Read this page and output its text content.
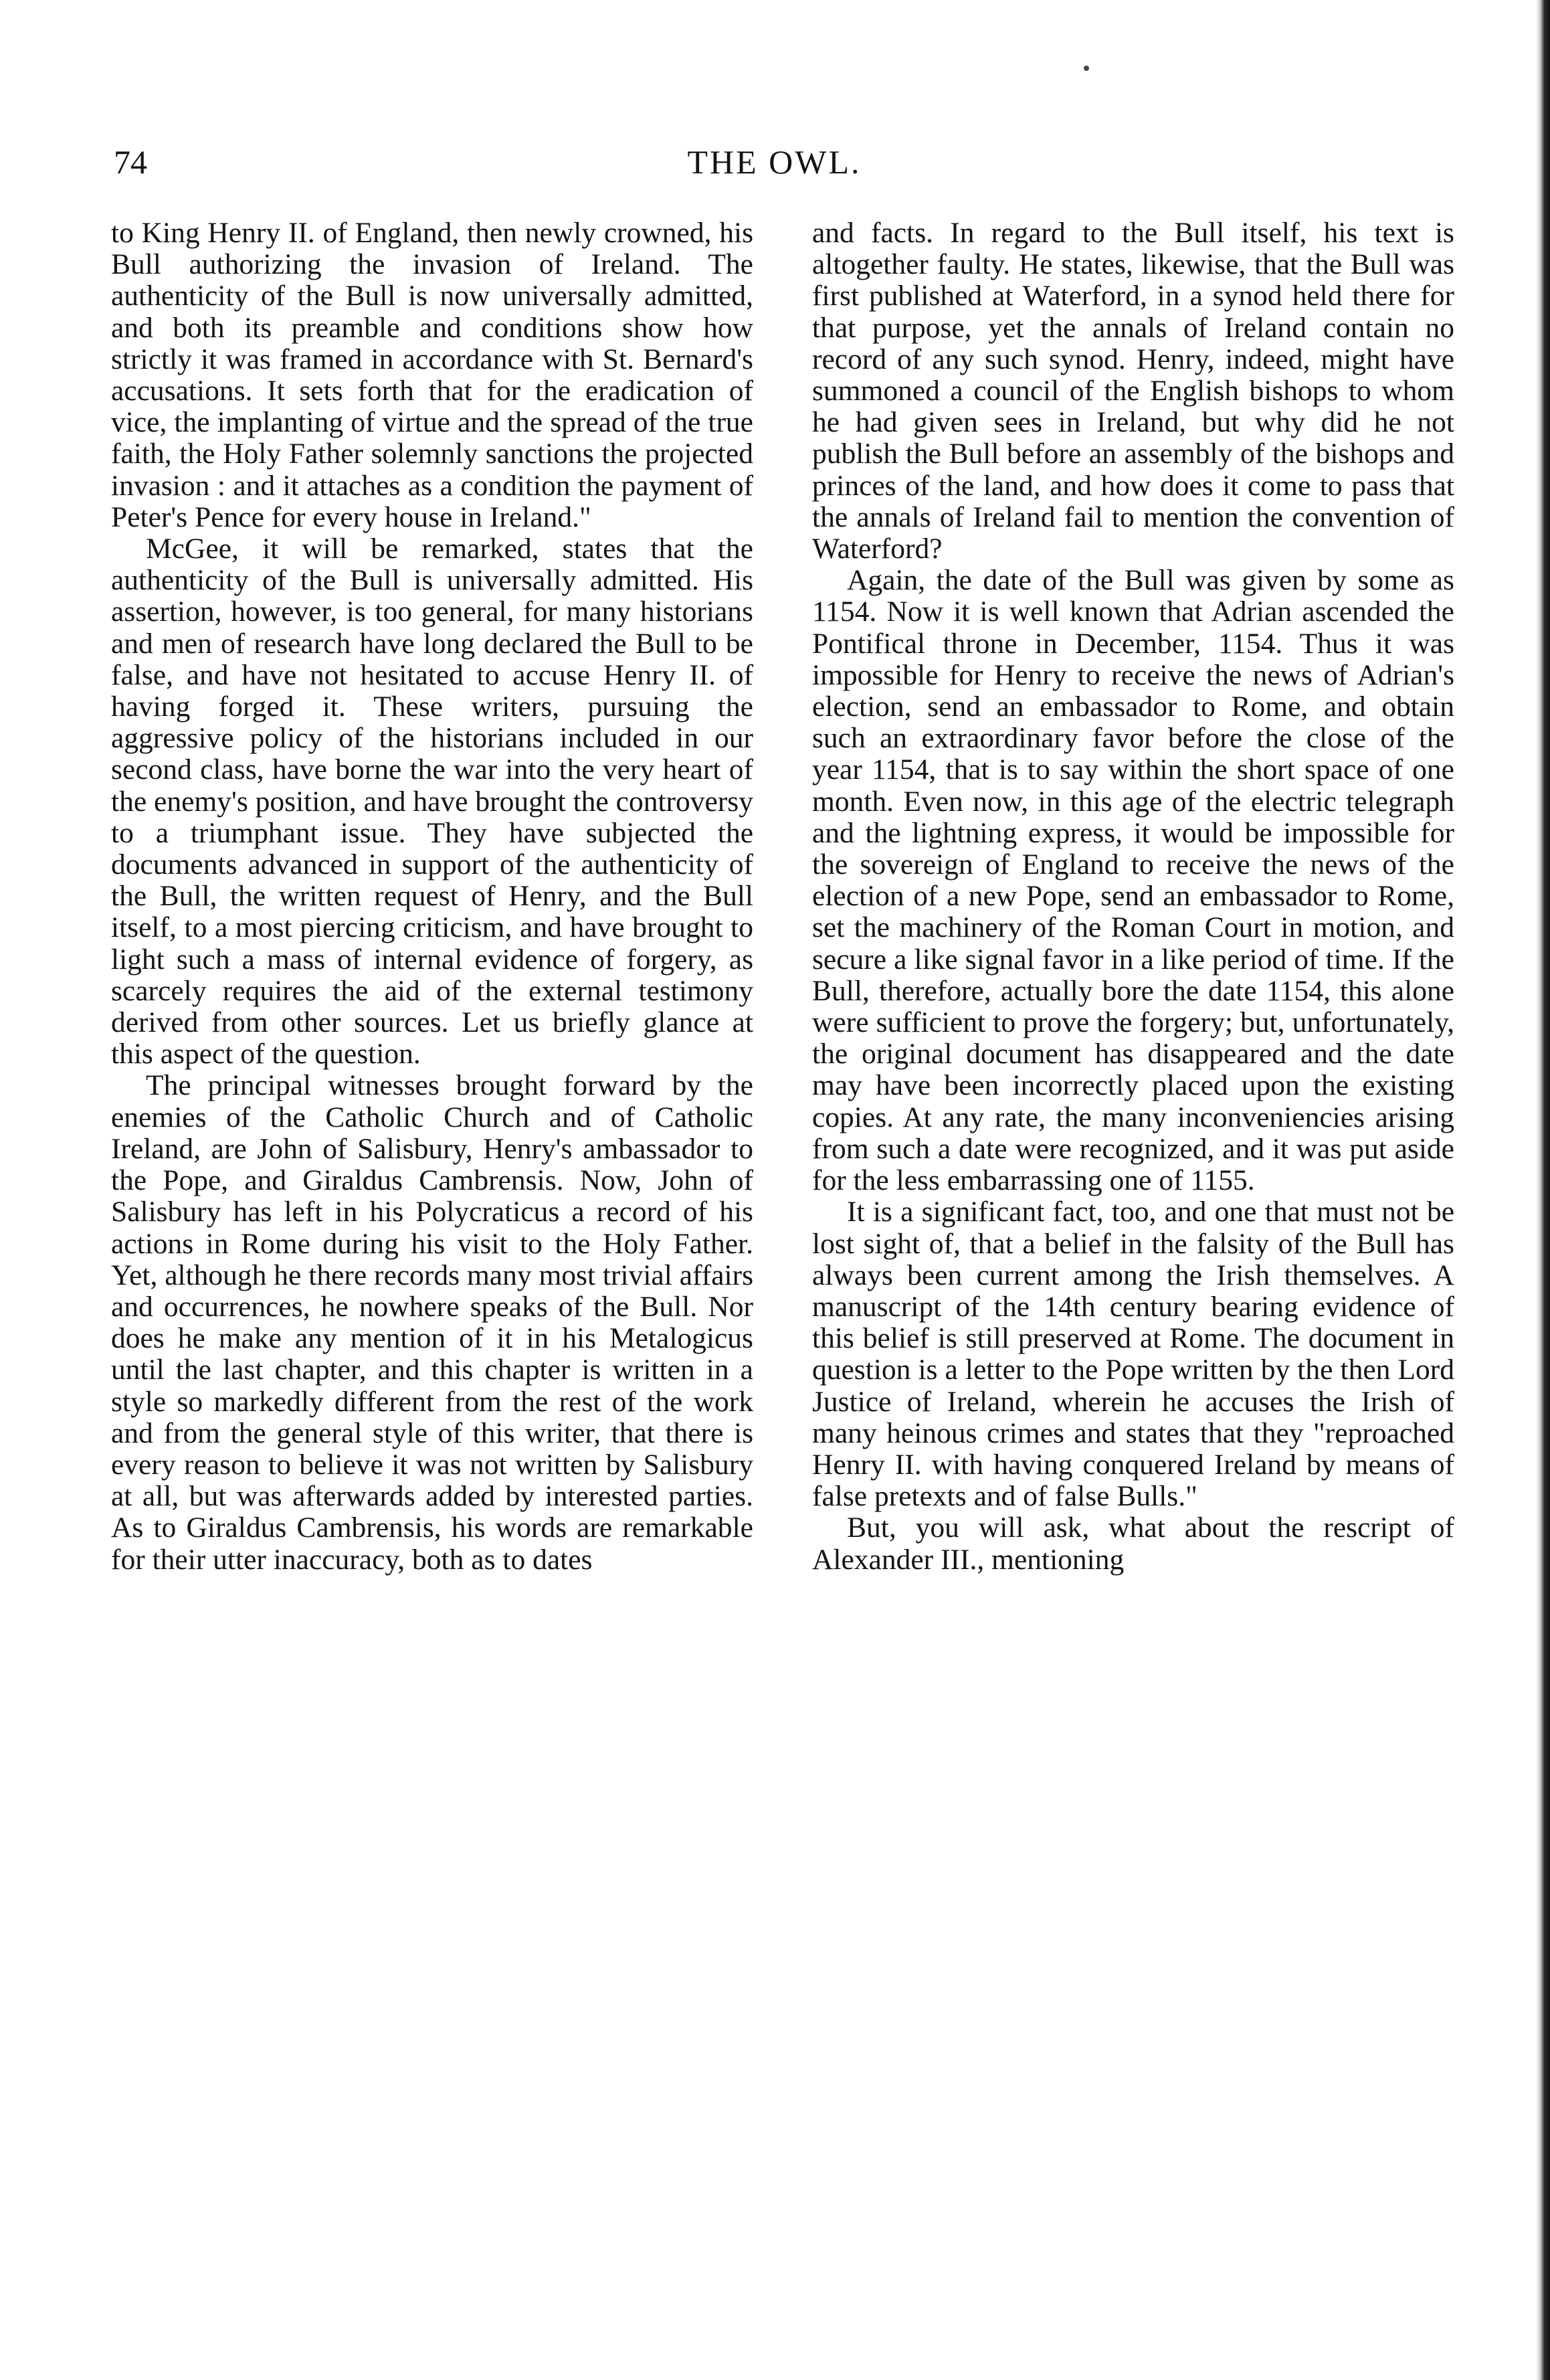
74	THE OWL.

to King Henry II. of England, then newly crowned, his Bull authorizing the invasion of Ireland. The authenticity of the Bull is now universally admitted, and both its preamble and conditions show how strictly it was framed in accordance with St. Bernard's accusations. It sets forth that for the eradication of vice, the implanting of virtue and the spread of the true faith, the Holy Father solemnly sanctions the projected invasion : and it attaches as a condition the payment of Peter's Pence for every house in Ireland."

McGee, it will be remarked, states that the authenticity of the Bull is universally admitted. His assertion, however, is too general, for many historians and men of research have long declared the Bull to be false, and have not hesitated to accuse Henry II. of having forged it. These writers, pursuing the aggressive policy of the historians included in our second class, have borne the war into the very heart of the enemy's position, and have brought the controversy to a triumphant issue. They have subjected the documents advanced in support of the authenticity of the Bull, the written request of Henry, and the Bull itself, to a most piercing criticism, and have brought to light such a mass of internal evidence of forgery, as scarcely requires the aid of the external testimony derived from other sources. Let us briefly glance at this aspect of the question.

The principal witnesses brought forward by the enemies of the Catholic Church and of Catholic Ireland, are John of Salisbury, Henry's ambassador to the Pope, and Giraldus Cambrensis. Now, John of Salisbury has left in his Polycraticus a record of his actions in Rome during his visit to the Holy Father. Yet, although he there records many most trivial affairs and occurrences, he nowhere speaks of the Bull. Nor does he make any mention of it in his Metalogicus until the last chapter, and this chapter is written in a style so markedly different from the rest of the work and from the general style of this writer, that there is every reason to believe it was not written by Salisbury at all, but was afterwards added by interested parties. As to Giraldus Cambrensis, his words are remarkable for their utter inaccuracy, both as to dates

and facts. In regard to the Bull itself, his text is altogether faulty. He states, likewise, that the Bull was first published at Waterford, in a synod held there for that purpose, yet the annals of Ireland contain no record of any such synod. Henry, indeed, might have summoned a council of the English bishops to whom he had given sees in Ireland, but why did he not publish the Bull before an assembly of the bishops and princes of the land, and how does it come to pass that the annals of Ireland fail to mention the convention of Waterford?

Again, the date of the Bull was given by some as 1154. Now it is well known that Adrian ascended the Pontifical throne in December, 1154. Thus it was impossible for Henry to receive the news of Adrian's election, send an embassador to Rome, and obtain such an extraordinary favor before the close of the year 1154, that is to say within the short space of one month. Even now, in this age of the electric telegraph and the lightning express, it would be impossible for the sovereign of England to receive the news of the election of a new Pope, send an embassador to Rome, set the machinery of the Roman Court in motion, and secure a like signal favor in a like period of time. If the Bull, therefore, actually bore the date 1154, this alone were sufficient to prove the forgery; but, unfortunately, the original document has disappeared and the date may have been incorrectly placed upon the existing copies. At any rate, the many inconveniencies arising from such a date were recognized, and it was put aside for the less embarrassing one of 1155.

It is a significant fact, too, and one that must not be lost sight of, that a belief in the falsity of the Bull has always been current among the Irish themselves. A manuscript of the 14th century bearing evidence of this belief is still preserved at Rome. The document in question is a letter to the Pope written by the then Lord Justice of Ireland, wherein he accuses the Irish of many heinous crimes and states that they "reproached Henry II. with having conquered Ireland by means of false pretexts and of false Bulls."

But, you will ask, what about the rescript of Alexander III., mentioning
